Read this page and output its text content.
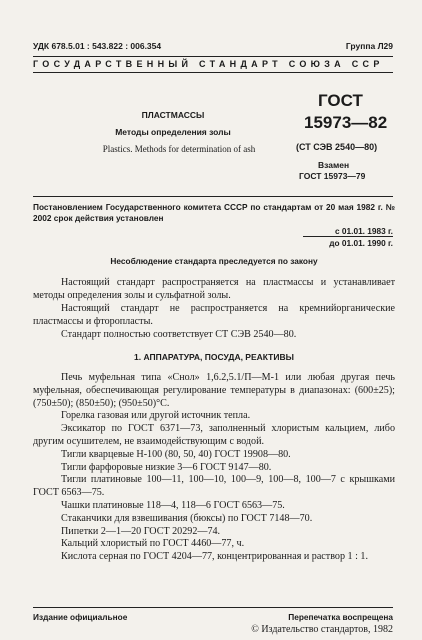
УДК 678.5.01 : 543.822 : 006.354	Группа Л29
ГОСУДАРСТВЕННЫЙ СТАНДАРТ СОЮЗА ССР
ПЛАСТМАССЫ
Методы определения золы
Plastics. Methods for determination of ash
ГОСТ
15973—82
(СТ СЭВ 2540—80)
Взамен
ГОСТ 15973—79
Постановлением Государственного комитета СССР по стандартам от 20 мая 1982 г. № 2002 срок действия установлен
с 01.01. 1983 г.
до 01.01. 1990 г.
Несоблюдение стандарта преследуется по закону

Настоящий стандарт распространяется на пластмассы и устанавливает методы определения золы и сульфатной золы.

Настоящий стандарт не распространяется на кремнийорганические пластмассы и фторопласты.

Стандарт полностью соответствует СТ СЭВ 2540—80.

1. АППАРАТУРА, ПОСУДА, РЕАКТИВЫ

Печь муфельная типа «Снол» 1,6.2,5.1/П—М-1 или любая другая печь муфельная, обеспечивающая регулирование температуры в диапазонах: (600±25); (750±50); (850±50); (950±50)°С.

Горелка газовая или другой источник тепла.

Эксикатор по ГОСТ 6371—73, заполненный хлористым кальцием, либо другим осушителем, не взаимодействующим с водой.

Тигли кварцевые Н-100 (80, 50, 40) ГОСТ 19908—80.

Тигли фарфоровые низкие 3—6 ГОСТ 9147—80.

Тигли платиновые 100—11, 100—10, 100—9, 100—8, 100—7 с крышками ГОСТ 6563—75.

Чашки платиновые 118—4, 118—6 ГОСТ 6563—75.

Стаканчики для взвешивания (бюксы) по ГОСТ 7148—70.

Пипетки 2—1—20 ГОСТ 20292—74.

Кальций хлористый по ГОСТ 4460—77, ч.

Кислота серная по ГОСТ 4204—77, концентрированная и раствор 1 : 1.

Издание официальное	Перепечатка воспрещена
© Издательство стандартов, 1982
